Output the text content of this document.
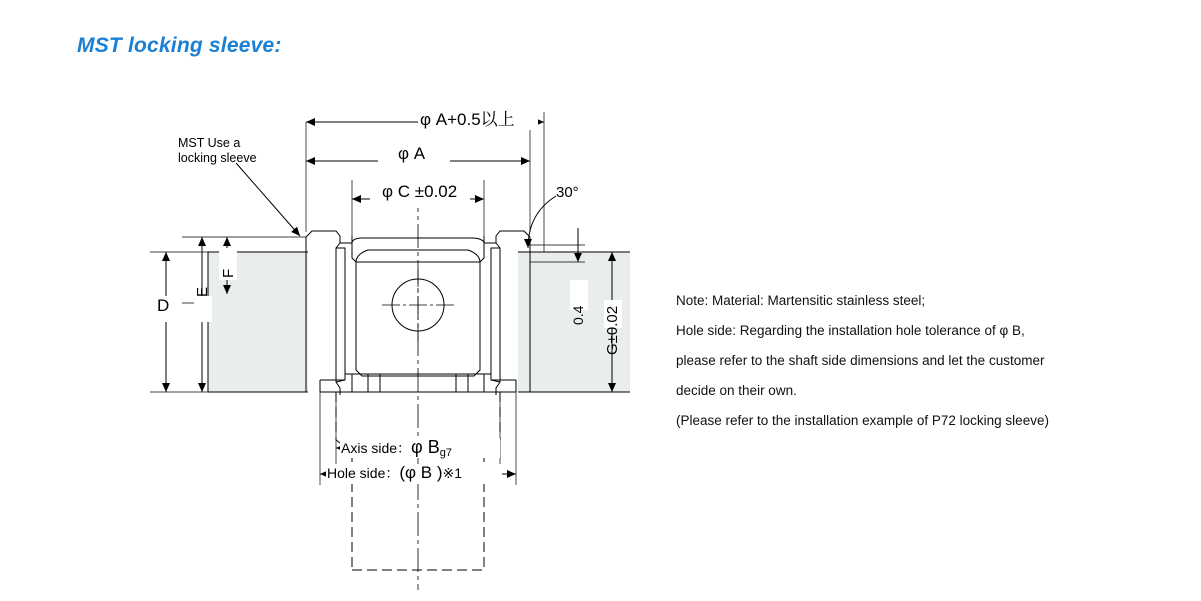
MST locking sleeve:
MST Use a
locking sleeve
φ A+0.5以上
φ A
φ C ±0.02	30°
D
E
F
0.4 G±0.02
Axis side：φ $B_{g7}$
Hole side：(φ B )※1
Note: Material: Martensitic stainless steel;
Hole side: Regarding the installation hole tolerance of φ B,
please refer to the shaft side dimensions and let the customer
decide on their own.
(Please refer to the installation example of P72 locking sleeve)
